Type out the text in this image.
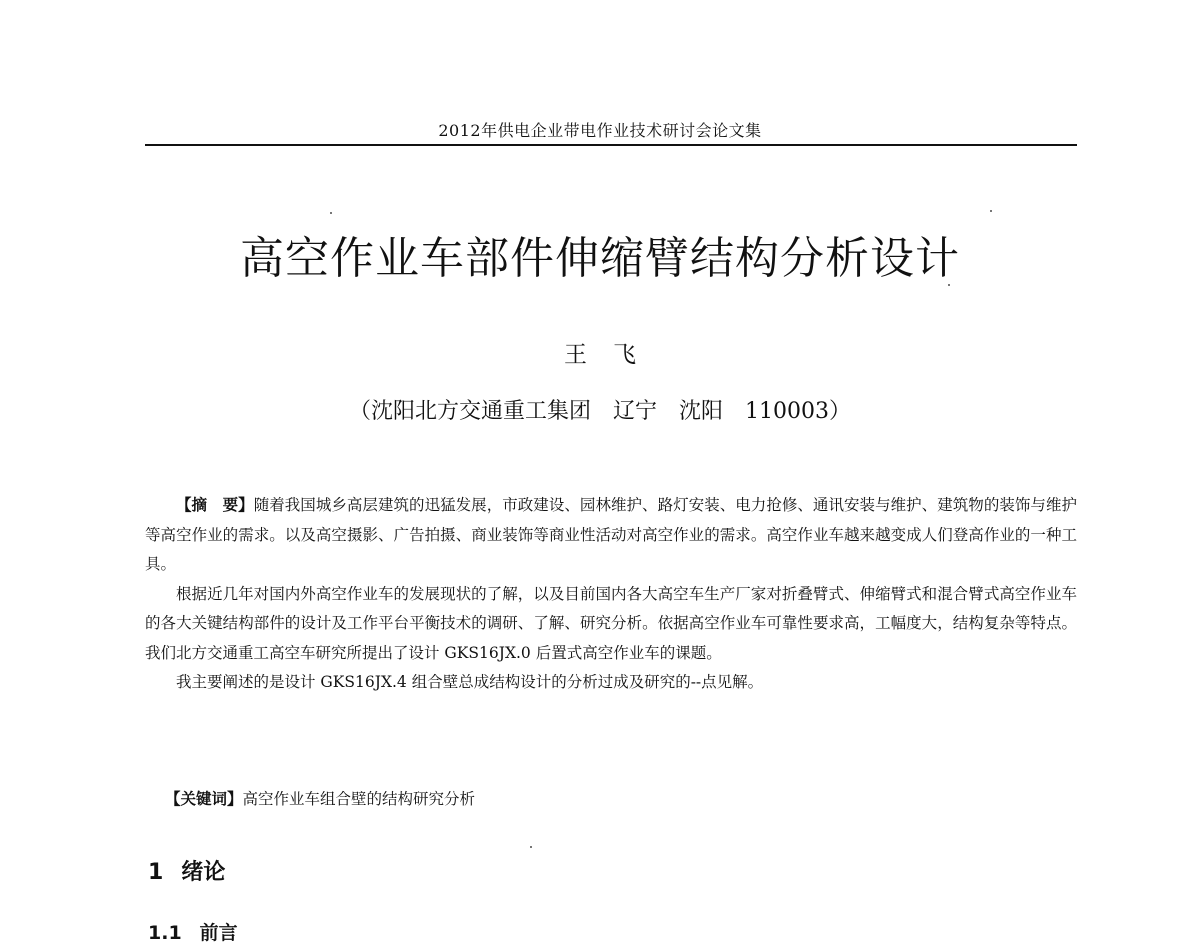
2012年供电企业带电作业技术研讨会论文集
高空作业车部件伸缩臂结构分析设计
王飞
（沈阳北方交通重工集团　辽宁　沈阳　110003）

【摘　要】随着我国城乡高层建筑的迅猛发展，市政建设、园林维护、路灯安装、电力抢修、通讯安装与维护、建筑物的装饰与维护等高空作业的需求。以及高空摄影、广告拍摄、商业装饰等商业性活动对高空作业的需求。高空作业车越来越变成人们登高作业的一种工具。

根据近几年对国内外高空作业车的发展现状的了解，以及目前国内各大高空车生产厂家对折叠臂式、伸缩臂式和混合臂式高空作业车的各大关键结构部件的设计及工作平台平衡技术的调研、了解、研究分析。依据高空作业车可靠性要求高，工幅度大，结构复杂等特点。我们北方交通重工高空车研究所提出了设计 GKS16JX.0 后置式高空作业车的课题。

我主要阐述的是设计 GKS16JX.4 组合壁总成结构设计的分析过成及研究的--点见解。

【关键词】高空作业车组合壁的结构研究分析
1 绪论
1.1 前言
